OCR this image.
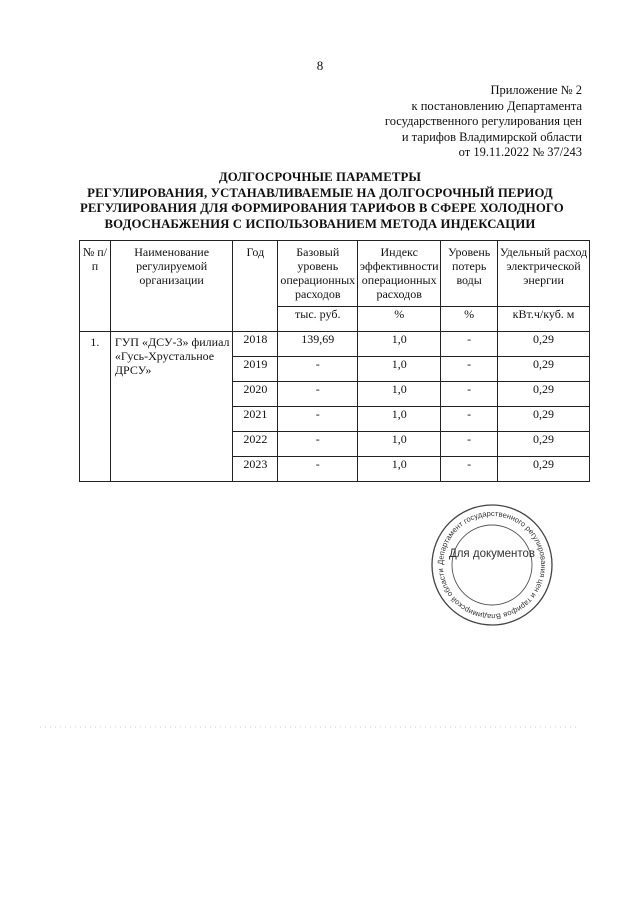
8
Приложение № 2
к постановлению Департамента
государственного регулирования цен
и тарифов Владимирской области
от 19.11.2022 № 37/243
ДОЛГОСРОЧНЫЕ ПАРАМЕТРЫ
РЕГУЛИРОВАНИЯ, УСТАНАВЛИВАЕМЫЕ НА ДОЛГОСРОЧНЫЙ ПЕРИОД
РЕГУЛИРОВАНИЯ ДЛЯ ФОРМИРОВАНИЯ ТАРИФОВ В СФЕРЕ ХОЛОДНОГО
ВОДОСНАБЖЕНИЯ С ИСПОЛЬЗОВАНИЕМ МЕТОДА ИНДЕКСАЦИИ
№ п/п	Наименование регулируемой организации	Год	Базовый уровень операционных расходов	Индекс эффективности операционных расходов	Уровень потерь воды	Удельный расход электрической энергии
			тыс. руб.	%	%	кВт.ч/куб. м
1.	ГУП «ДСУ-3» филиал «Гусь-Хрустальное ДРСУ»	2018	139,69	1,0	-	0,29
		2019	-	1,0	-	0,29
		2020	-	1,0	-	0,29
		2021	-	1,0	-	0,29
		2022	-	1,0	-	0,29
		2023	-	1,0	-	0,29
Департамент государственного регулирования цен и тарифов Владимирской области
Для документов
